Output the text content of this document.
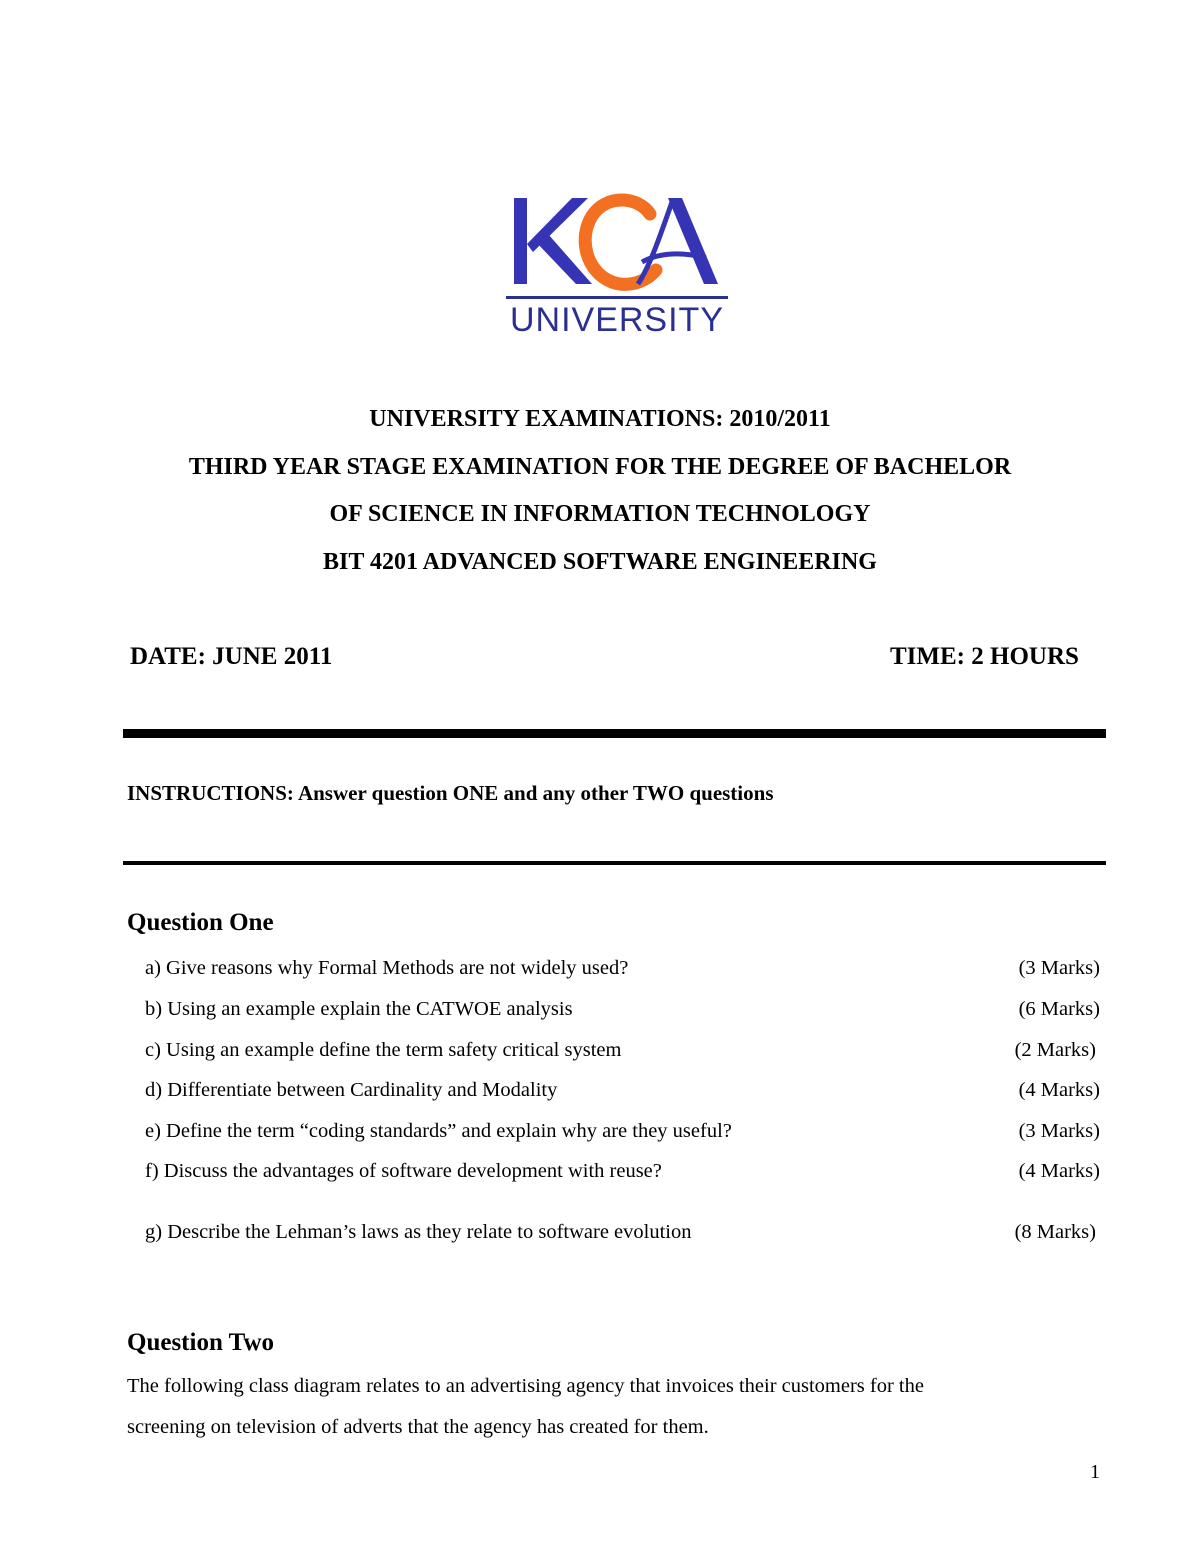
UNIVERSITY
UNIVERSITY EXAMINATIONS: 2010/2011
THIRD YEAR STAGE EXAMINATION FOR THE DEGREE OF BACHELOR
OF SCIENCE IN INFORMATION TECHNOLOGY
BIT 4201 ADVANCED SOFTWARE ENGINEERING
DATE: JUNE 2011	TIME: 2 HOURS
INSTRUCTIONS: Answer question ONE and any other TWO questions
Question One
a) Give reasons why Formal Methods are not widely used?	(3 Marks)
b) Using an example explain the CATWOE analysis	(6 Marks)
c) Using an example define the term safety critical system	(2 Marks)
d) Differentiate between Cardinality and Modality	(4 Marks)
e) Define the term “coding standards” and explain why are they useful?	(3 Marks)
f) Discuss the advantages of software development with reuse?	(4 Marks)
g) Describe the Lehman’s laws as they relate to software evolution	(8 Marks)
Question Two
The following class diagram relates to an advertising agency that invoices their customers for the
screening on television of adverts that the agency has created for them.
1
